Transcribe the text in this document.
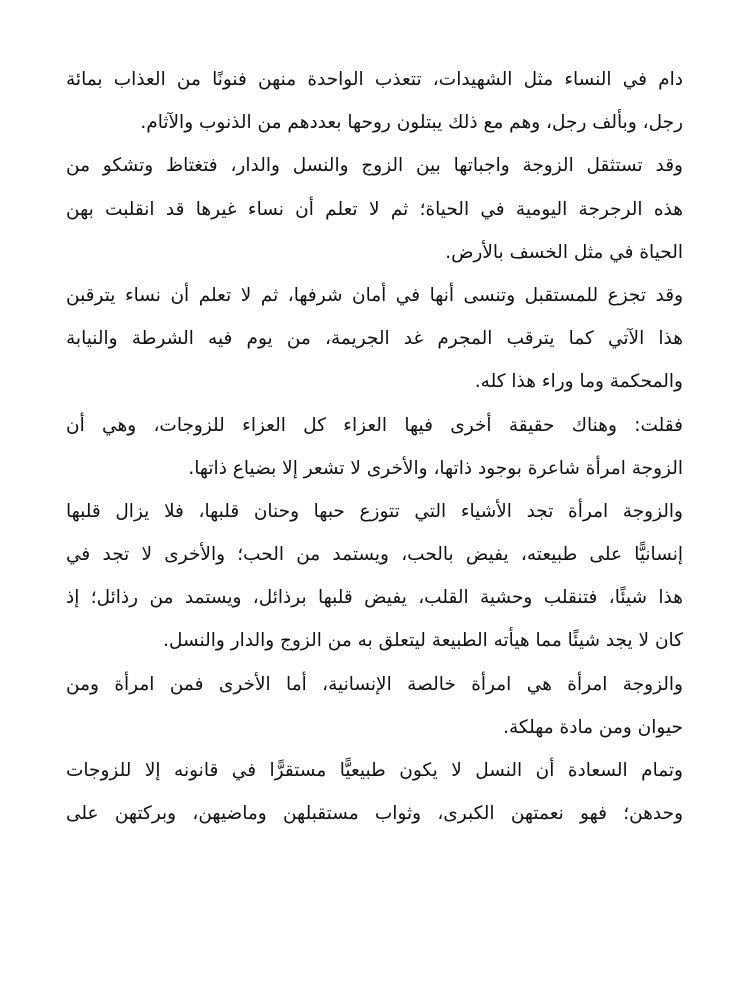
دام في النساء مثل الشهيدات، تتعذب الواحدة منهن فنونًا من العذاب بمائة
رجل، وبألف رجل، وهم مع ذلك يبتلون روحها بعددهم من الذنوب والآثام.
وقد تستثقل الزوجة واجباتها بين الزوج والنسل والدار، فتغتاظ وتشكو من
هذه الرجرجة اليومية في الحياة؛ ثم لا تعلم أن نساء غيرها قد انقلبت بهن
الحياة في مثل الخسف بالأرض.
وقد تجزع للمستقبل وتنسى أنها في أمان شرفها، ثم لا تعلم أن نساء يترقبن
هذا الآتي كما يترقب المجرم غد الجريمة، من يوم فيه الشرطة والنيابة
والمحكمة وما وراء هذا كله.
فقلت: وهناك حقيقة أخرى فيها العزاء كل العزاء للزوجات، وهي أن
الزوجة امرأة شاعرة بوجود ذاتها، والأخرى لا تشعر إلا بضياع ذاتها.
والزوجة امرأة تجد الأشياء التي تتوزع حبها وحنان قلبها، فلا يزال قلبها
إنسانيًّا على طبيعته، يفيض بالحب، ويستمد من الحب؛ والأخرى لا تجد في
هذا شيئًا، فتنقلب وحشية القلب، يفيض قلبها برذائل، ويستمد من رذائل؛ إذ
كان لا يجد شيئًا مما هيأته الطبيعة ليتعلق به من الزوج والدار والنسل.
والزوجة امرأة هي امرأة خالصة الإنسانية، أما الأخرى فمن امرأة ومن
حيوان ومن مادة مهلكة.
وتمام السعادة أن النسل لا يكون طبيعيًّا مستقرًّا في قانونه إلا للزوجات
وحدهن؛ فهو نعمتهن الكبرى، وثواب مستقبلهن وماضيهن، وبركتهن على
